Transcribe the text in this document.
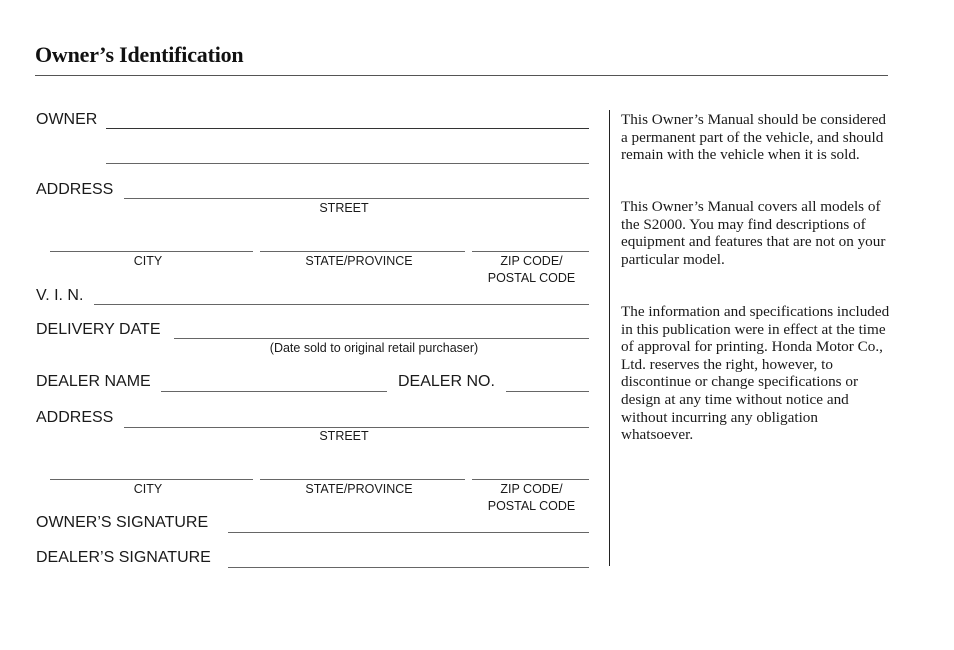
Owner’s Identification
OWNER
ADDRESS
STREET
CITY	STATE/PROVINCE	ZIP CODE/
POSTAL CODE
V. I. N.
DELIVERY DATE
(Date sold to original retail purchaser)
DEALER NAME	DEALER NO.
ADDRESS
STREET
CITY	STATE/PROVINCE	ZIP CODE/
POSTAL CODE
OWNER’S SIGNATURE
DEALER’S SIGNATURE

This Owner’s Manual should be considered a permanent part of the vehicle, and should remain with the vehicle when it is sold.

This Owner’s Manual covers all models of the S2000. You may find descriptions of equipment and features that are not on your particular model.

The information and specifications included in this publication were in effect at the time of approval for printing. Honda Motor Co., Ltd. reserves the right, however, to discontinue or change specifications or design at any time without notice and without incurring any obligation whatsoever.
